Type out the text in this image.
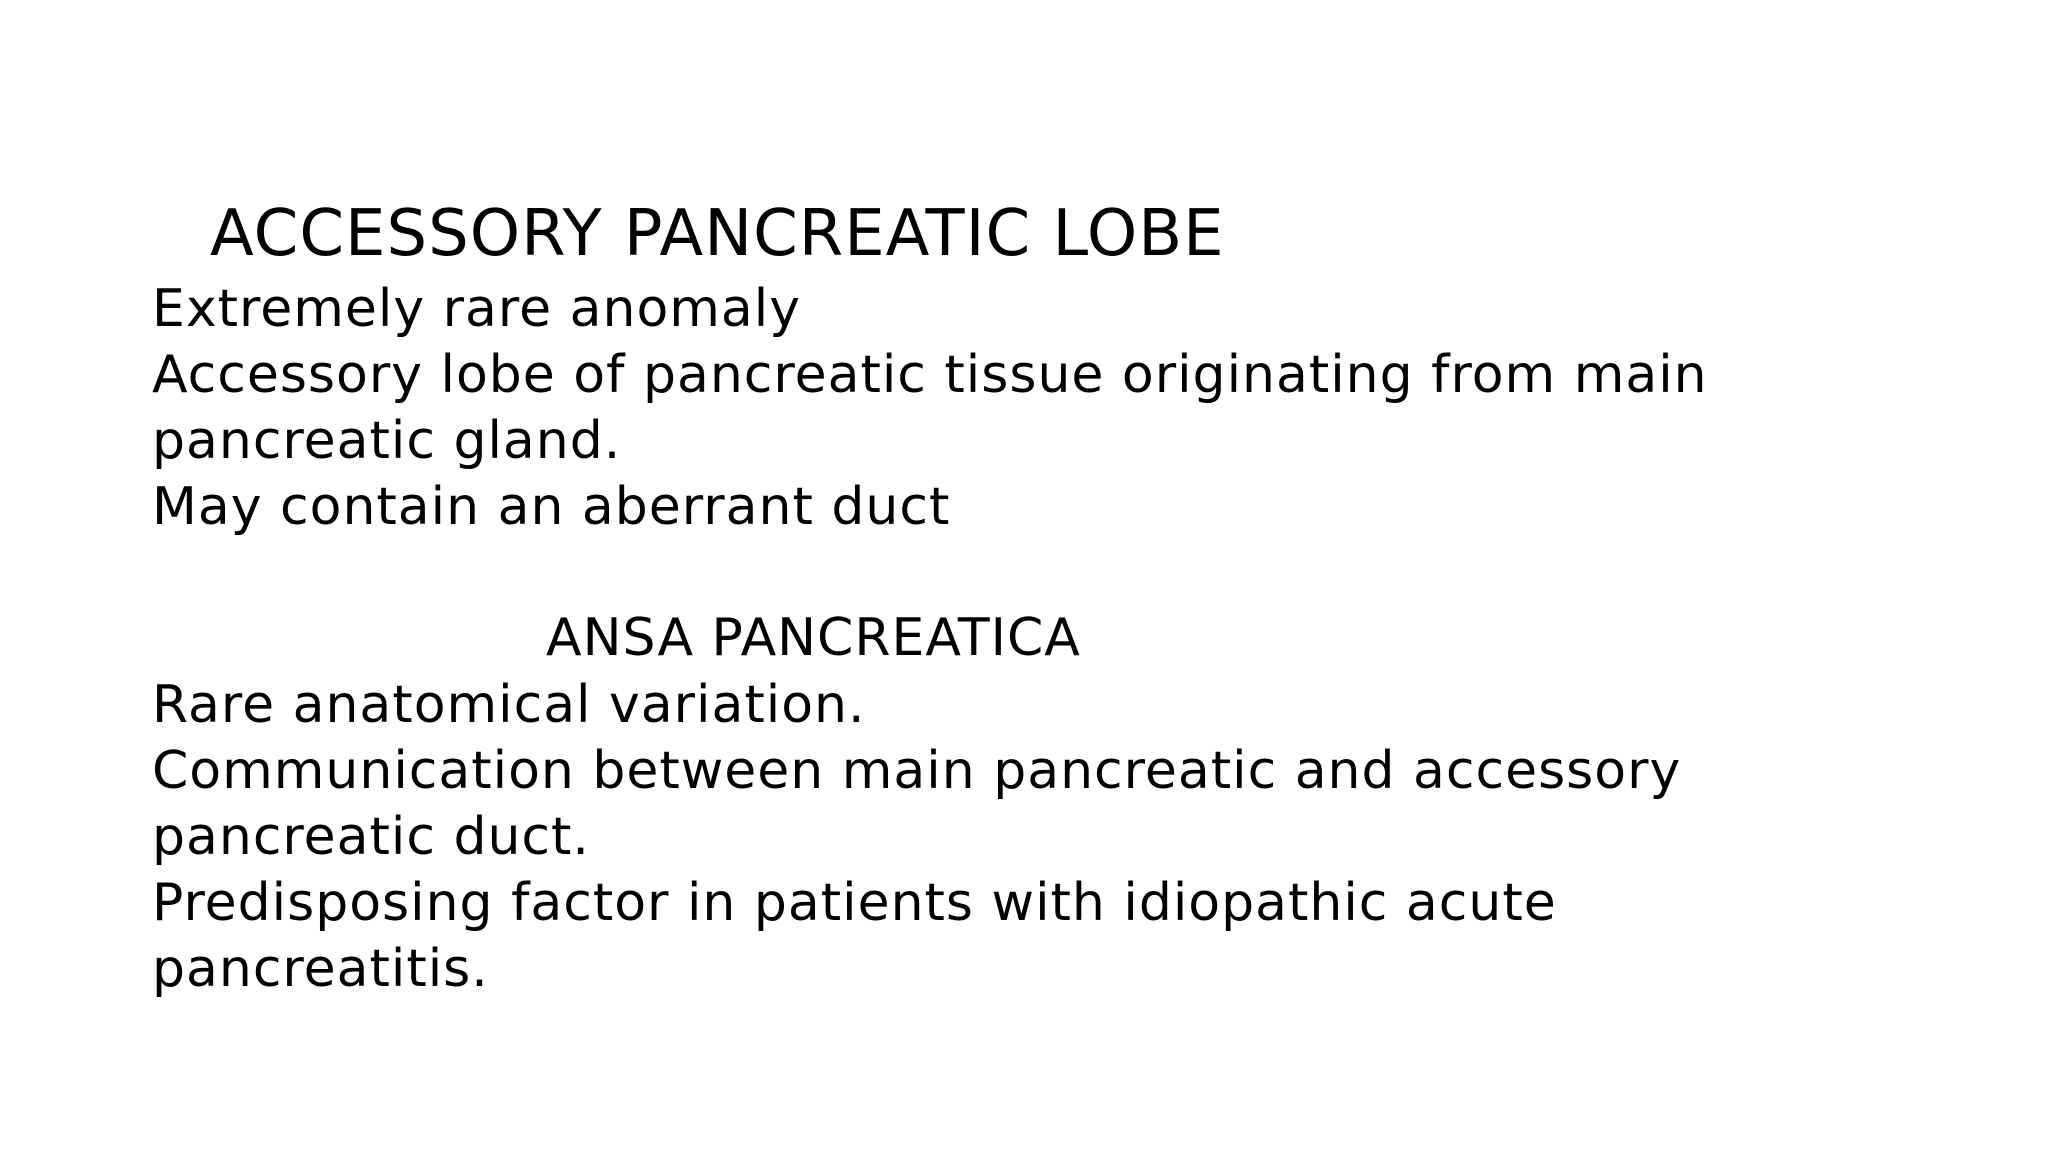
ACCESSORY PANCREATIC LOBE
Extremely rare anomaly
Accessory lobe of pancreatic tissue originating from main
pancreatic gland.
May contain an aberrant duct
ANSA PANCREATICA
Rare anatomical variation.
Communication between main pancreatic and accessory
pancreatic duct.
Predisposing factor in patients with idiopathic acute
pancreatitis.
